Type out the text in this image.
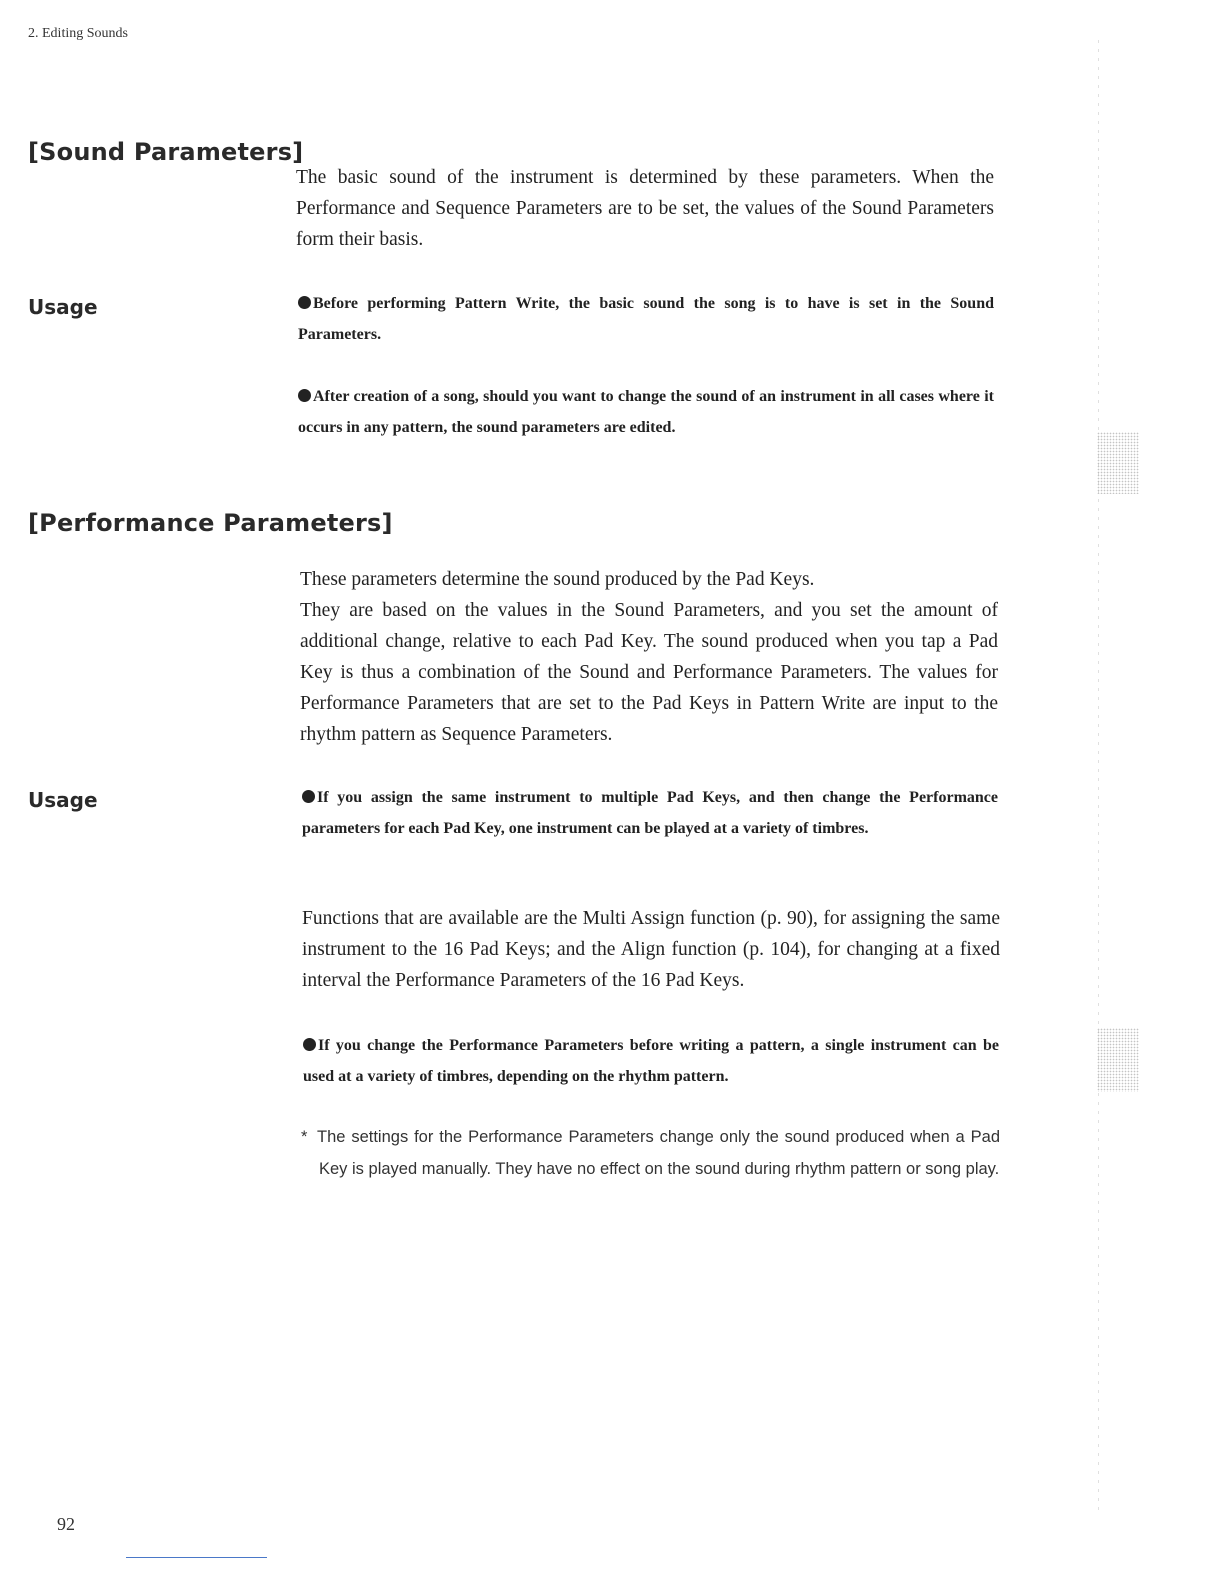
2. Editing Sounds
[Sound Parameters]

The basic sound of the instrument is determined by these parameters. When the Performance and Sequence Parameters are to be set, the values of the Sound Parameters form their basis.

Usage	Before performing Pattern Write, the basic sound the song is to have is set in the Sound Parameters.
After creation of a song, should you want to change the sound of an instrument in all cases where it occurs in any pattern, the sound parameters are edited.
[Performance Parameters]

These parameters determine the sound produced by the Pad Keys.

They are based on the values in the Sound Parameters, and you set the amount of additional change, relative to each Pad Key. The sound produced when you tap a Pad Key is thus a combination of the Sound and Performance Parameters. The values for Performance Parameters that are set to the Pad Keys in Pattern Write are input to the rhythm pattern as Sequence Parameters.

Usage	If you assign the same instrument to multiple Pad Keys, and then change the Performance parameters for each Pad Key, one instrument can be played at a variety of timbres.

Functions that are available are the Multi Assign function (p. 90), for assigning the same instrument to the 16 Pad Keys; and the Align function (p. 104), for changing at a fixed interval the Performance Parameters of the 16 Pad Keys.

If you change the Performance Parameters before writing a pattern, a single instrument can be used at a variety of timbres, depending on the rhythm pattern.
* The settings for the Performance Parameters change only the sound produced when a Pad Key is played manually. They have no effect on the sound during rhythm pattern or song play.
92
